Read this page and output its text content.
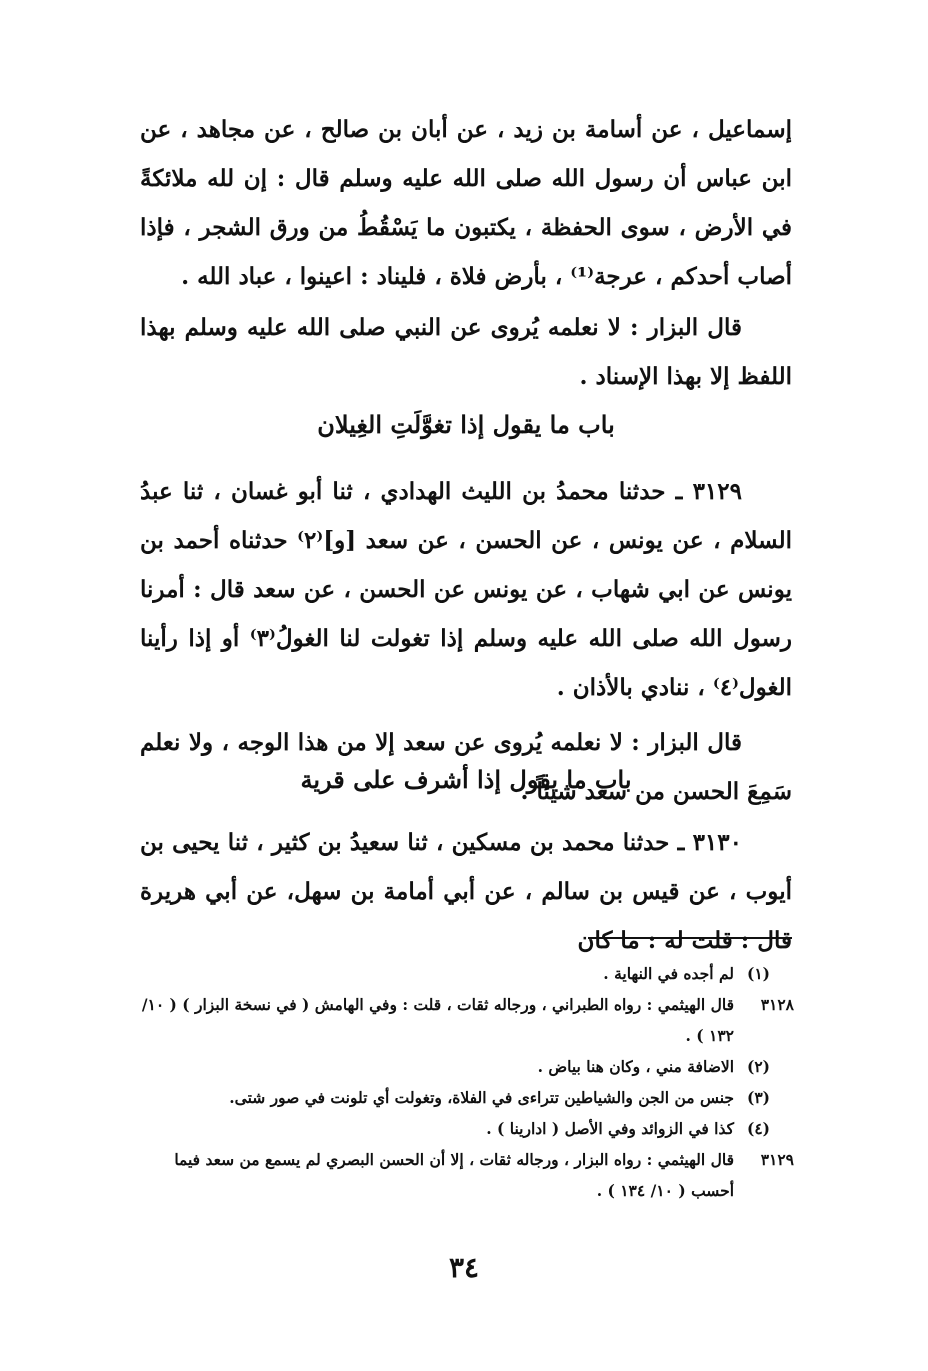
إسماعيل ، عن أسامة بن زيد ، عن أبان بن صالح ، عن مجاهد ، عن ابن عباس أن رسول الله صلى الله عليه وسلم قال : إن لله ملائكةً في الأرض ، سوى الحفظة ، يكتبون ما يَسْقُطُ من ورق الشجر ، فإذا أصاب أحدكم ، عرجة⁽¹⁾ ، بأرض فلاة ، فليناد : اعينوا ، عباد الله .

قال البزار : لا نعلمه يُروى عن النبي صلى الله عليه وسلم بهذا اللفظ إلا بهذا الإسناد .

باب ما يقول إذا تغوَّلَتِ الغِيلان

٣١٢٩ ـ حدثنا محمدُ بن الليث الهدادي ، ثنا أبو غسان ، ثنا عبدُ السلام ، عن يونس ، عن الحسن ، عن سعد [و]⁽٢⁾ حدثناه أحمد بن يونس عن ابي شهاب ، عن يونس عن الحسن ، عن سعد قال : أمرنا رسول الله صلى الله عليه وسلم إذا تغولت لنا الغولُ⁽٣⁾ أو إذا رأينا الغول⁽٤⁾ ، ننادي بالأذان .

قال البزار : لا نعلمه يُروى عن سعد إلا من هذا الوجه ، ولا نعلم سَمِعَ الحسن من سعد شيئاً .

باب ما يقول إذا أشرف على قرية

٣١٣٠ ـ حدثنا محمد بن مسكين ، ثنا سعيدُ بن كثير ، ثنا يحيى بن أيوب ، عن قيس بن سالم ، عن أبي أمامة بن سهل، عن أبي هريرة قال : قلت له : ما كان

(١)
لم أجده في النهاية .
٣١٢٨
قال الهيثمي : رواه الطبراني ، ورجاله ثقات ، قلت : وفي الهامش ( في نسخة البزار ) ( ١٠/ ١٣٢ ) .
(٢)
الاضافة مني ، وكان هنا بياض .
(٣)
جنس من الجن والشياطين تتراءى في الفلاة، وتغولت أي تلونت في صور شتى.
(٤)
كذا في الزوائد وفي الأصل ( ادارينا ) .
٣١٢٩
قال الهيثمي : رواه البزار ، ورجاله ثقات ، إلا أن الحسن البصري لم يسمع من سعد فيما أحسب ( ١٠/ ١٣٤ ) .
٣٤
